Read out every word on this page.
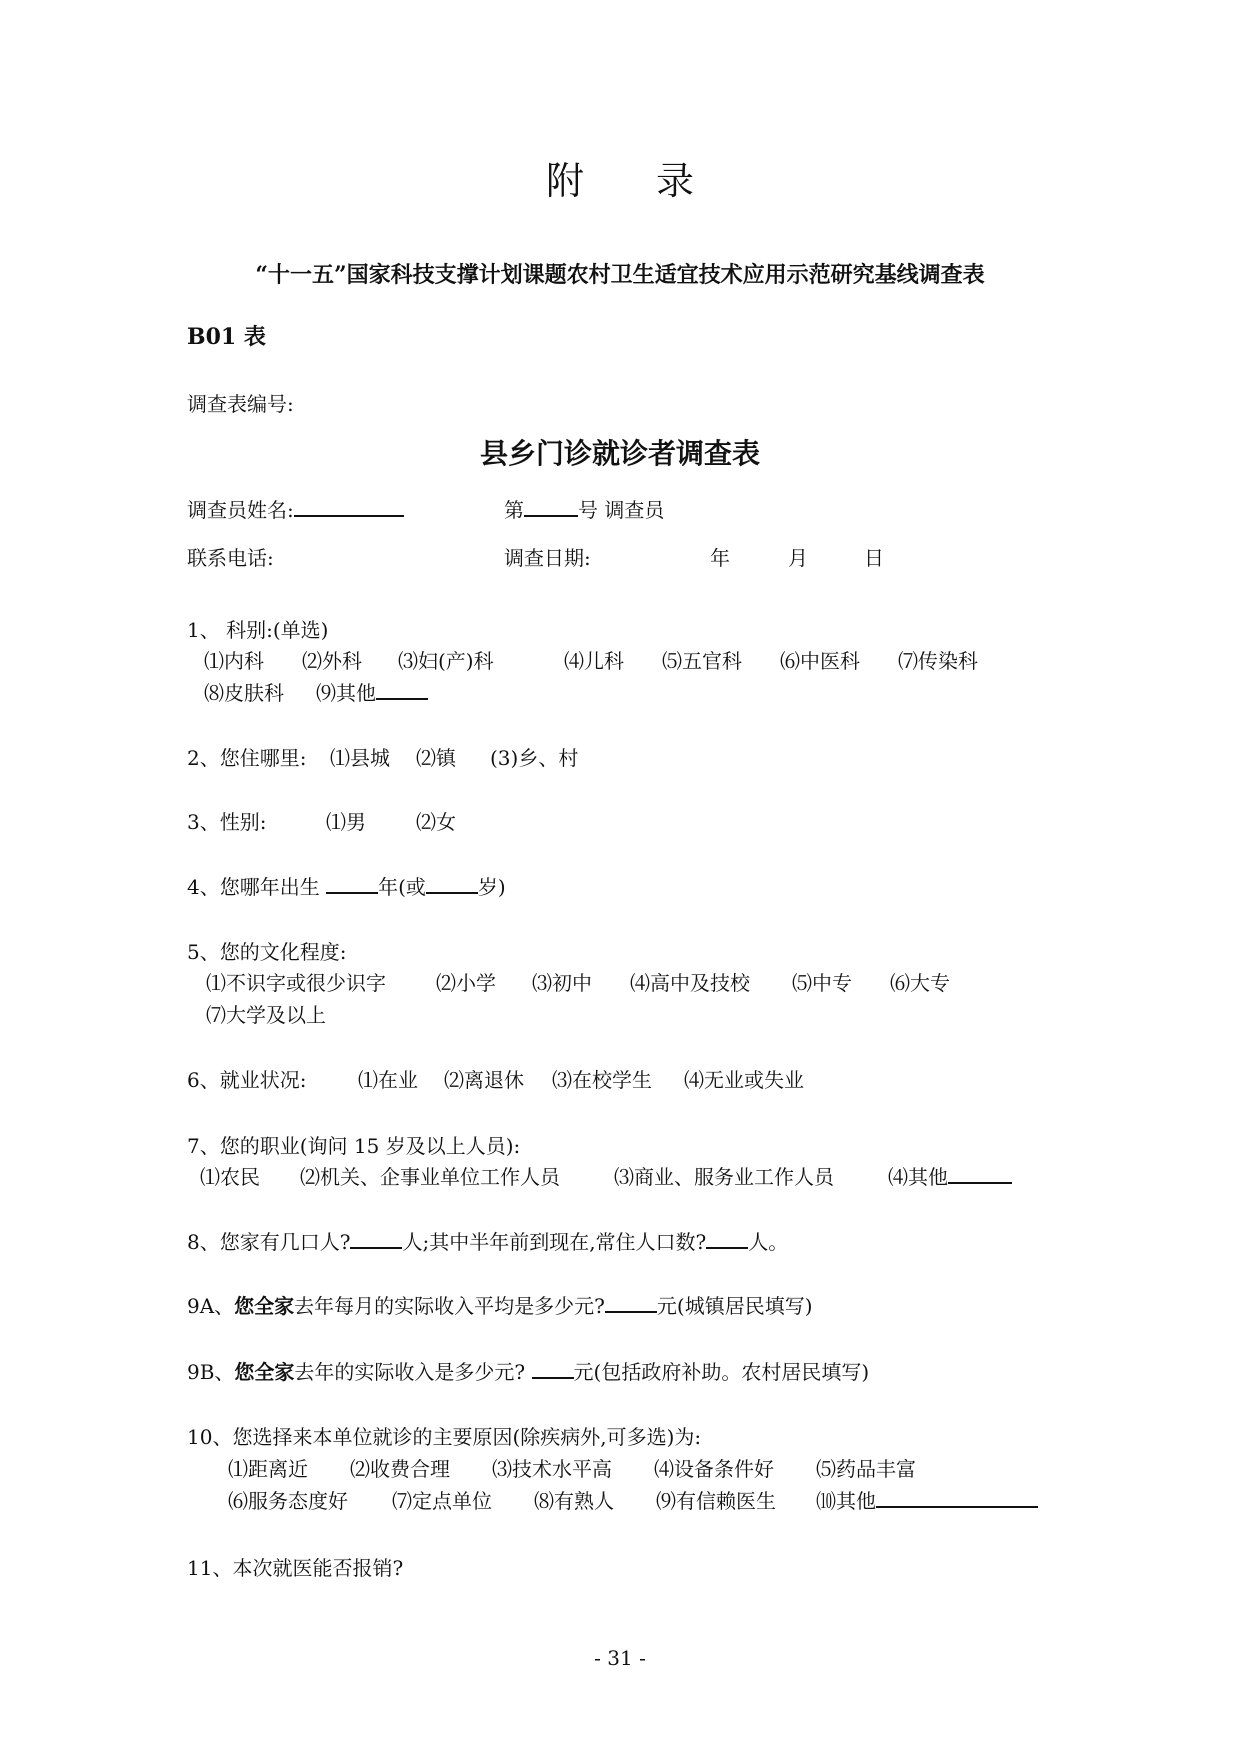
附 录
“十一五”国家科技支撑计划课题农村卫生适宜技术应用示范研究基线调查表
B01 表
调查表编号:
县乡门诊就诊者调查表
调查员姓名:	第	号 调查员
联系电话:	调查日期:	年	月	日
1、 科别:(单选)
⑴内科 ⑵外科 ⑶妇(产)科	⑷儿科 ⑸五官科 ⑹中医科 ⑺传染科
⑻皮肤科 ⑼其他
2、您住哪里: ⑴县城 ⑵镇 (3)乡、村
3、性别:	⑴男	⑵女
4、您哪年出生	年(或	岁)
5、您的文化程度:
⑴不识字或很少识字	⑵小学 ⑶初中 ⑷高中及技校 ⑸中专 ⑹大专
⑺大学及以上
6、就业状况:	⑴在业 ⑵离退休 ⑶在校学生 ⑷无业或失业
7、您的职业(询问 15 岁及以上人员):
⑴农民 ⑵机关、企事业单位工作人员	⑶商业、服务业工作人员	⑷其他
8、您家有几口人?	人;其中半年前到现在,常住人口数? 人。
9A、您全家去年每月的实际收入平均是多少元?	元(城镇居民填写)
9B、您全家去年的实际收入是多少元? 元(包括政府补助。农村居民填写)
10、您选择来本单位就诊的主要原因(除疾病外,可多选)为:
⑴距离近 ⑵收费合理 ⑶技术水平高 ⑷设备条件好 ⑸药品丰富
⑹服务态度好 ⑺定点单位 ⑻有熟人 ⑼有信赖医生 ⑽其他
11、本次就医能否报销?
- 31 -
